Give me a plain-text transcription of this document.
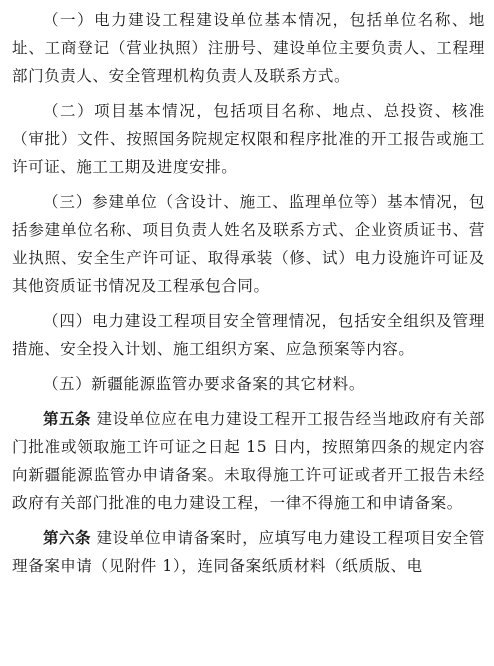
（一）电力建设工程建设单位基本情况，包括单位名称、地址、工商登记（营业执照）注册号、建设单位主要负责人、工程理部门负责人、安全管理机构负责人及联系方式。

（二）项目基本情况，包括项目名称、地点、总投资、核准（审批）文件、按照国务院规定权限和程序批准的开工报告或施工许可证、施工工期及进度安排。

（三）参建单位（含设计、施工、监理单位等）基本情况，包括参建单位名称、项目负责人姓名及联系方式、企业资质证书、营业执照、安全生产许可证、取得承装（修、试）电力设施许可证及其他资质证书情况及工程承包合同。

（四）电力建设工程项目安全管理情况，包括安全组织及管理措施、安全投入计划、施工组织方案、应急预案等内容。

（五）新疆能源监管办要求备案的其它材料。

第五条 建设单位应在电力建设工程开工报告经当地政府有关部门批准或领取施工许可证之日起 15 日内，按照第四条的规定内容向新疆能源监管办申请备案。未取得施工许可证或者开工报告未经政府有关部门批准的电力建设工程，一律不得施工和申请备案。

第六条 建设单位申请备案时，应填写电力建设工程项目安全管理备案申请（见附件 1），连同备案纸质材料（纸质版、电
